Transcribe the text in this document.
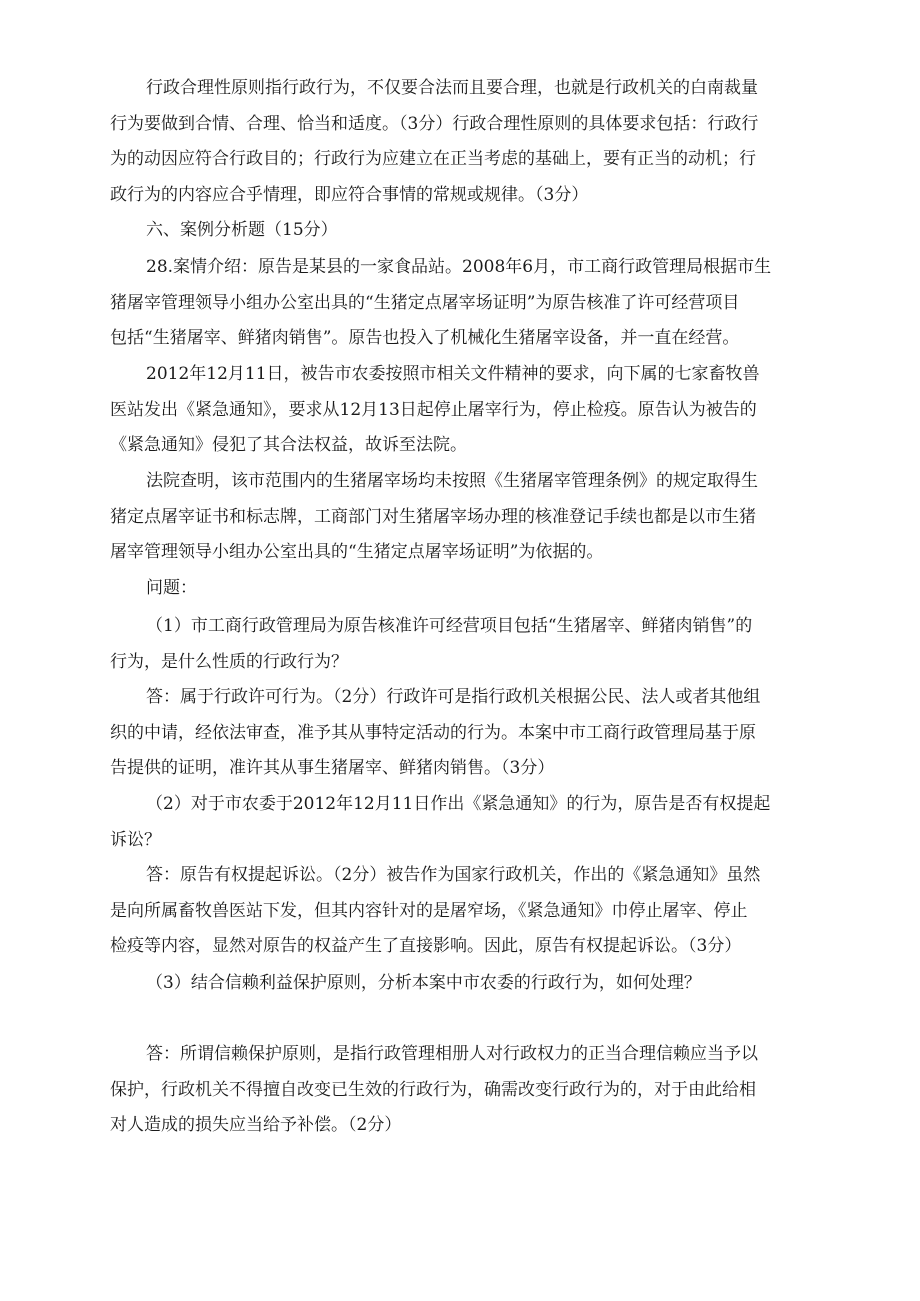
行政合理性原则指行政行为，不仅要合法而且要合理，也就是行政机关的白南裁量
行为要做到合情、合理、恰当和适度。（3分）行政合理性原则的具体要求包括：行政行
为的动因应符合行政目的；行政行为应建立在正当考虑的基础上，要有正当的动机；行
政行为的内容应合乎情理，即应符合事情的常规或规律。（3分）
六、案例分析题（15分）
28.案情介绍：原告是某县的一家食品站。2008年6月，市工商行政管理局根据市生
猪屠宰管理领导小组办公室出具的“生猪定点屠宰场证明”为原告核准了许可经营项目
包括“生猪屠宰、鲜猪肉销售”。原告也投入了机械化生猪屠宰设备，并一直在经营。
2012年12月11日，被告市农委按照市相关文件精神的要求，向下属的七家畜牧兽
医站发出《紧急通知》，要求从12月13日起停止屠宰行为，停止检疫。原告认为被告的
《紧急通知》侵犯了其合法权益，故诉至法院。
法院查明，该市范围内的生猪屠宰场均未按照《生猪屠宰管理条例》的规定取得生
猪定点屠宰证书和标志牌，工商部门对生猪屠宰场办理的核准登记手续也都是以市生猪
屠宰管理领导小组办公室出具的“生猪定点屠宰场证明”为依据的。
问题：
（1）市工商行政管理局为原告核准许可经营项目包括“生猪屠宰、鲜猪肉销售”的
行为，是什么性质的行政行为？
答：属于行政许可行为。（2分）行政许可是指行政机关根据公民、法人或者其他组
织的中请，经依法审查，准予其从事特定活动的行为。本案中市工商行政管理局基于原
告提供的证明，准许其从事生猪屠宰、鲜猪肉销售。（3分）
（2）对于市农委于2012年12月11日作出《紧急通知》的行为，原告是否有权提起
诉讼？
答：原告有权提起诉讼。（2分）被告作为国家行政机关，作出的《紧急通知》虽然
是向所属畜牧兽医站下发，但其内容针对的是屠窄场，《紧急通知》巾停止屠宰、停止
检疫等内容，显然对原告的权益产生了直接影响。因此，原告有权提起诉讼。（3分）
（3）结合信赖利益保护原则，分析本案中市农委的行政行为，如何处理？
答：所谓信赖保护原则，是指行政管理相册人对行政权力的正当合理信赖应当予以
保护，行政机关不得擅自改变已生效的行政行为，确需改变行政行为的，对于由此给相
对人造成的损失应当给予补偿。（2分）
